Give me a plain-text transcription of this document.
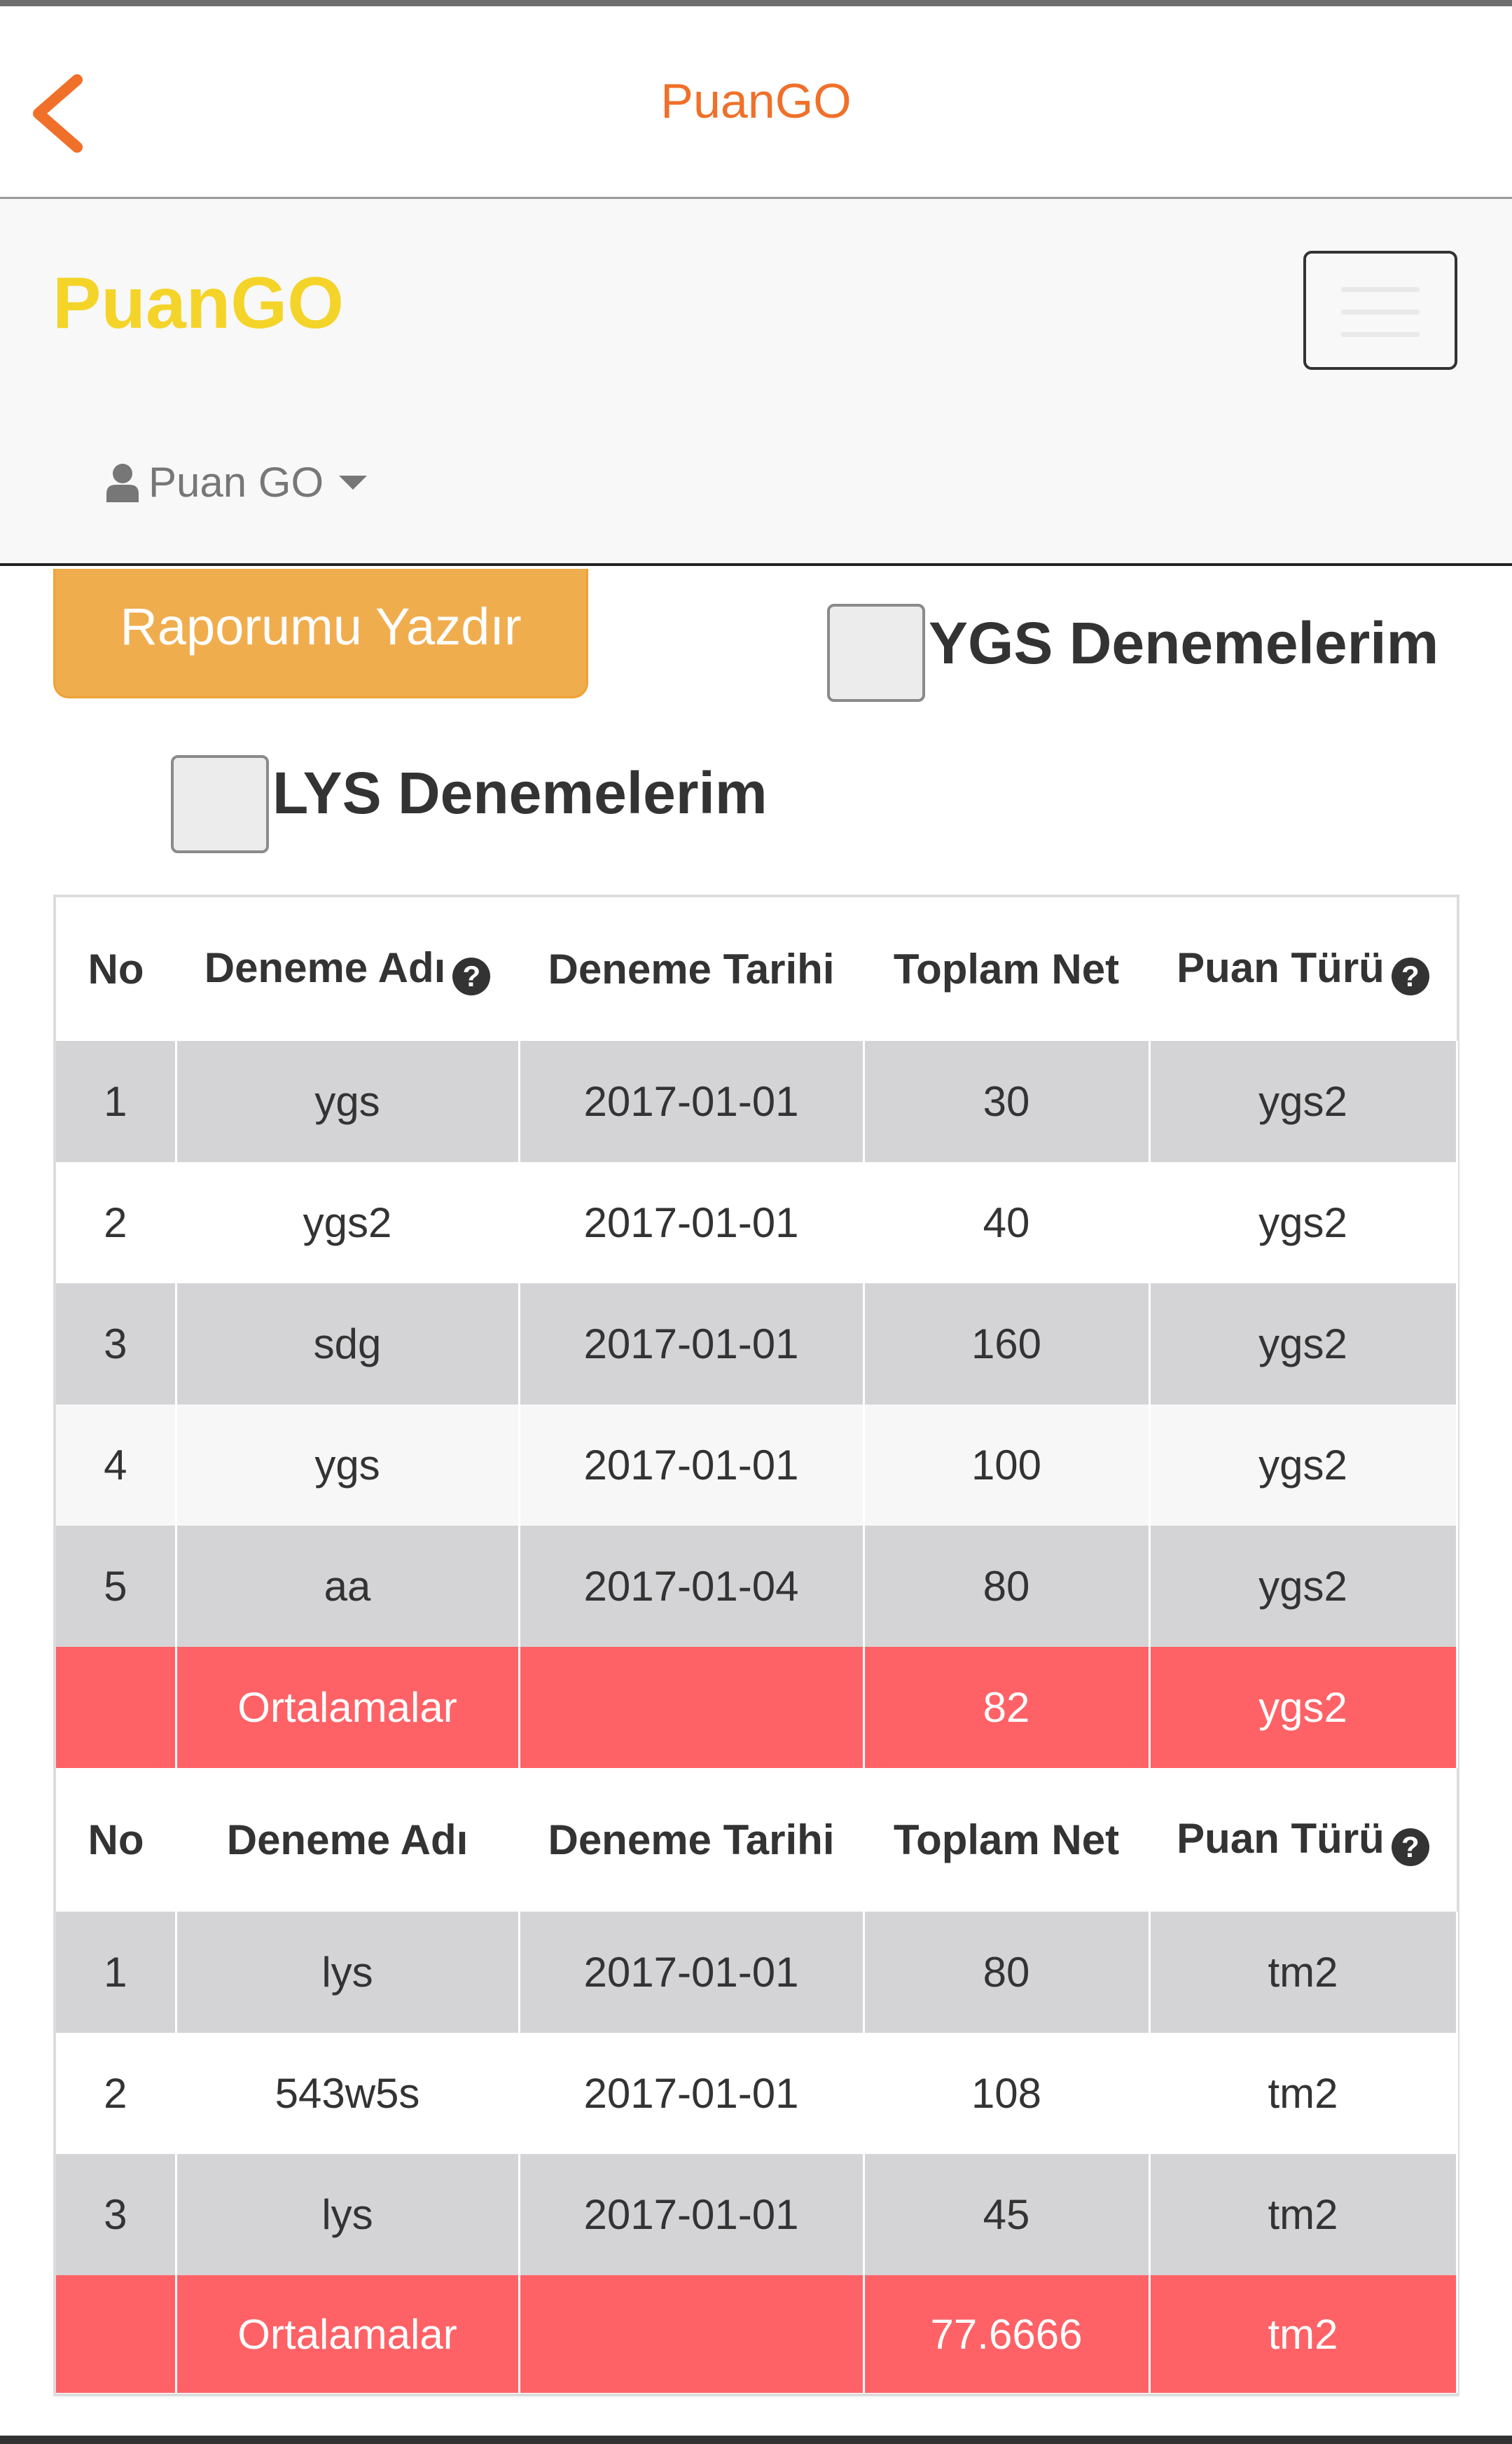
PuanGO
PuanGO
Puan GO
Raporumu Yazdır	YGS Denemelerim
LYS Denemelerim
No	Deneme Adı ?	Deneme Tarihi	Toplam Net	Puan Türü ?
1	ygs	2017-01-01	30	ygs2
2	ygs2	2017-01-01	40	ygs2
3	sdg	2017-01-01	160	ygs2
4	ygs	2017-01-01	100	ygs2
5	aa	2017-01-04	80	ygs2
	Ortalamalar		82	ygs2
No	Deneme Adı	Deneme Tarihi	Toplam Net	Puan Türü ?
1	lys	2017-01-01	80	tm2
2	543w5s	2017-01-01	108	tm2
3	lys	2017-01-01	45	tm2
	Ortalamalar		77.6666	tm2
